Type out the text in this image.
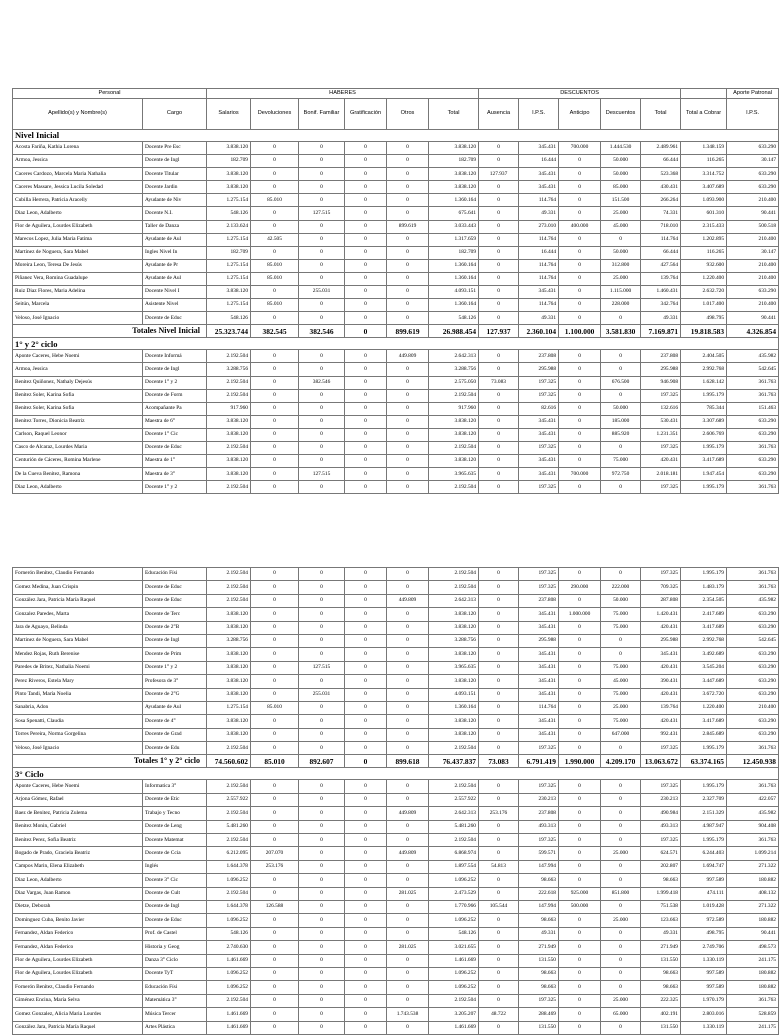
Personal		HABERES						DESCUENTOS						Aporte Patronal
Apellido(s) y Nombre(s)	Cargo	Salarios	Devoluciones	Bonif. Familiar	Gratificación	Otros	Total	Ausencia	I.P.S.	Anticipo	Descuentos	Total	Total a Cobrar	I.P.S.
Nivel Inicial														
Acosta Fariña, Kathia Lorena	Docente Pre Esc	3.838.120	0	0	0	0	3.838.120	0	345.431	700.000	1.444.530	2.489.961	1.348.159	633.290
Armoa, Jessica	Docente de Ingl	182.709	0	0	0	0	182.709	0	16.444	0	50.000	66.444	116.265	30.147
Caceres Cardozo, Marcela Maria Nathalia	Docente Titular	3.838.120	0	0	0	0	3.838.120	127.937	345.431	0	50.000	523.368	3.314.752	633.290
Caceres Massare, Jessica Lucila Soledad	Docente Jardin	3.838.120	0	0	0	0	3.838.120	0	345.431	0	85.000	430.431	3.407.689	633.290
Cubilla Herrera, Patricia Aracelly	Ayudante de Niv	1.275.154	85.010	0	0	0	1.360.164	0	114.764	0	151.500	266.264	1.093.900	210.400
Diaz Leon, Adalberto	Docente N.I.	548.126	0	127.515	0	0	675.641	0	49.331	0	25.000	74.331	601.310	90.441
Flor de Aguilera, Lourdes Elizabeth	Taller de Danza	2.133.624	0	0	0	899.619	3.033.443	0	273.010	400.000	45.000	718.010	2.315.433	500.518
Marecos Lopez, Julia Maria Fatima	Ayudante de Aul	1.275.154	42.505	0	0	0	1.317.659	0	114.764	0	0	114.764	1.202.895	210.400
Martinez de Noguera, Sara Mabel	Ingles Nivel In	182.709	0	0	0	0	182.709	0	16.444	0	50.000	66.444	116.265	30.147
Moreira Leon, Teresa De Jesús	Ayudante de Pr	1.275.154	85.010	0	0	0	1.360.164	0	114.764	0	312.800	427.564	932.600	210.400
Piñanez Vera, Romina Guadalupe	Ayudante de Aul	1.275.154	85.010	0	0	0	1.360.164	0	114.764	0	25.000	139.764	1.220.400	210.400
Ruiz Diaz Flores, Maria Adelina	Docente Nivel I	3.838.120	0	255.031	0	0	4.093.151	0	345.431	0	1.115.000	1.460.431	2.632.720	633.290
Seitún, Marcela	Asistente Nivel	1.275.154	85.010	0	0	0	1.360.164	0	114.764	0	228.000	342.764	1.017.400	210.400
Veloso, José Ignacio	Docente de Educ	548.126	0	0	0	0	548.126	0	49.331	0	0	49.331	498.795	90.441
Totales Nivel Inicial		25.323.744	382.545	382.546	0	899.619	26.988.454	127.937	2.360.104	1.100.000	3.581.830	7.169.871	19.818.583	4.326.854
1° y 2° ciclo														
Aponte Caceres, Hebe Noemi	Docente Informá	2.192.504	0	0	0	449.809	2.642.313	0	237.808	0	0	237.808	2.404.505	435.982
Armoa, Jessica	Docente de Ingl	3.288.756	0	0	0	0	3.288.756	0	295.988	0	0	295.988	2.992.768	542.645
Benitez Quiñonez, Nathaly Dejesús	Docente 1° y 2	2.192.504	0	382.546	0	0	2.575.050	73.083	197.325	0	676.500	946.908	1.628.142	361.763
Benitez Soler, Karina Sofia	Docente de Form	2.192.504	0	0	0	0	2.192.504	0	197.325	0	0	197.325	1.995.179	361.763
Benitez Soler, Karina Sofia	Acompañante Pa	917.960	0	0	0	0	917.960	0	82.616	0	50.000	132.616	785.344	151.463
Benitez Torres, Dionicia Beatriz	Maestra de 6°	3.838.120	0	0	0	0	3.838.120	0	345.431	0	185.000	530.431	3.307.689	633.290
Carlson, Raquel Leonor	Docente 1° Cic	3.838.120	0	0	0	0	3.838.120	0	345.431	0	885.920	1.231.351	2.606.769	633.290
Casco de Alcaraz, Lourdes Maria	Docente de Educ	2.192.504	0	0	0	0	2.192.504	0	197.325	0	0	197.325	1.995.179	361.763
Centurión de Cáceres, Romina Marlene	Maestra de 1°	3.838.120	0	0	0	0	3.838.120	0	345.431	0	75.000	420.431	3.417.689	633.290
De la Cueva Benitez, Ramona	Maestra de 3°	3.838.120	0	127.515	0	0	3.965.635	0	345.431	700.000	972.750	2.018.181	1.947.454	633.290
Diaz Leon, Adalberto	Docente 1° y 2	2.192.504	0	0	0	0	2.192.504	0	197.325	0	0	197.325	1.995.179	361.763
Fornerón Benítez, Claudio Fernando	Educación Físi	2.192.504	0	0	0	0	2.192.504	0	197.325	0	0	197.325	1.995.179	361.763
Gomez Medina, Juan Crispin	Docente de Educ	2.192.504	0	0	0	0	2.192.504	0	197.325	290.000	222.000	709.325	1.483.179	361.763
González Jara, Patricia María Raquel	Docente de Educ	2.192.504	0	0	0	449.809	2.642.313	0	237.808	0	50.000	287.808	2.354.505	435.982
Gonzalez Paredes, Marta	Docente de Terc	3.838.120	0	0	0	0	3.838.120	0	345.431	1.000.000	75.000	1.420.431	2.417.689	633.290
Jara de Aguayo, Belinda	Docente de 2°B	3.838.120	0	0	0	0	3.838.120	0	345.431	0	75.000	420.431	3.417.689	633.290
Martinez de Noguera, Sara Mabel	Docente de Ingl	3.288.756	0	0	0	0	3.288.756	0	295.988	0	0	295.988	2.992.768	542.645
Mendez Rojas, Ruth Berenise	Docente de Prim	3.838.120	0	0	0	0	3.838.120	0	345.431	0	0	345.431	3.492.689	633.290
Paredes de Britez, Nathalia Noemi	Docente 1° y 2	3.838.120	0	127.515	0	0	3.965.635	0	345.431	0	75.000	420.431	3.545.204	633.290
Perez Riveros, Estela Mary	Profesora de 3°	3.838.120	0	0	0	0	3.838.120	0	345.431	0	45.000	390.431	3.447.689	633.290
Pinto Tandi, María Noelia	Docente de 2°G	3.838.120	0	255.031	0	0	4.093.151	0	345.431	0	75.000	420.431	3.672.720	633.290
Sanabria, Adon	Ayudante de Aul	1.275.154	85.010	0	0	0	1.360.164	0	114.764	0	25.000	139.764	1.220.400	210.400
Sosa Spenatti, Claudia	Docente de 4°	3.838.120	0	0	0	0	3.838.120	0	345.431	0	75.000	420.431	3.417.689	633.290
Torres Pereira, Norma Gorgelina	Docente de Grad	3.838.120	0	0	0	0	3.838.120	0	345.431	0	647.000	992.431	2.845.689	633.290
Veloso, José Ignacio	Docente de Edu	2.192.504	0	0	0	0	2.192.504	0	197.325	0	0	197.325	1.995.179	361.763
Totales 1° y 2° ciclo		74.560.602	85.010	892.607	0	899.618	76.437.837	73.083	6.791.419	1.990.000	4.209.170	13.063.672	63.374.165	12.450.938
3° Ciclo														
Aponte Caceres, Hebe Noemi	Informatica 3°	2.192.504	0	0	0	0	2.192.504	0	197.325	0	0	197.325	1.995.179	361.763
Arjona Gómez, Rafael	Docente de Etic	2.557.922	0	0	0	0	2.557.922	0	230.213	0	0	230.213	2.327.709	422.057
Baez de Benitez, Patricia Zulema	Trabajo y Tecno	2.192.504	0	0	0	449.809	2.642.313	253.176	237.808	0	0	490.984	2.151.329	435.982
Benitez Monin, Gabriel	Docente de Leng	5.481.260	0	0	0	0	5.481.260	0	493.313	0	0	493.313	4.987.947	904.408
Benitez Perez, Sofia Beatriz	Docente Matemat	2.192.504	0	0	0	0	2.192.504	0	197.325	0	0	197.325	1.995.179	361.763
Bogado de Prado, Graciela Beatriz	Docente de Ccia	6.212.095	207.070	0	0	449.809	6.868.974	0	599.571	0	25.000	624.571	6.244.403	1.099.214
Campos Marin, Elena Elizabeth	Inglés	1.644.378	253.176	0	0	0	1.897.554	54.813	147.994	0	0	202.807	1.694.747	271.322
Diaz Leon, Adalberto	Docente 3° Cic	1.096.252	0	0	0	0	1.096.252	0	98.663	0	0	98.663	997.589	180.882
Diaz Vargas, Juan Ramon	Docente de Cult	2.192.504	0	0	0	281.025	2.473.529	0	222.618	925.000	851.800	1.999.418	474.111	408.132
Dietze, Deborah	Docente de Ingl	1.644.378	126.588	0	0	0	1.770.966	105.544	147.994	500.000	0	751.538	1.019.428	271.322
Dominguez Cuba, Benito Javier	Docente de Educ	1.096.252	0	0	0	0	1.096.252	0	98.663	0	25.000	123.663	972.589	180.882
Fernandez, Aldan Federico	Prof. de Castel	548.126	0	0	0	0	548.126	0	49.331	0	0	49.331	498.795	90.441
Fernandez, Aldan Federico	Historia y Geog	2.740.630	0	0	0	281.025	3.021.655	0	271.949	0	0	271.949	2.749.706	498.573
Flor de Aguilera, Lourdes Elizabeth	Danza 3° Ciclo	1.461.669	0	0	0	0	1.461.669	0	131.550	0	0	131.550	1.330.119	241.175
Flor de Aguilera, Lourdes Elizabeth	Docente TyT	1.096.252	0	0	0	0	1.096.252	0	98.663	0	0	98.663	997.589	180.882
Fornerón Benítez, Claudio Fernando	Educación Físi	1.096.252	0	0	0	0	1.096.252	0	98.663	0	0	98.663	997.589	180.882
Giménez Encina, María Selva	Matemática 3°	2.192.504	0	0	0	0	2.192.504	0	197.325	0	25.000	222.325	1.970.179	361.763
Gomez Gonzalez, Alicia Maria Lourdes	Música Tercer	1.461.669	0	0	0	1.743.538	3.205.207	48.722	288.469	0	65.000	402.191	2.803.016	528.859
González Jara, Patricia María Raquel	Artes Plástica	1.461.669	0	0	0	0	1.461.669	0	131.550	0	0	131.550	1.330.119	241.175
